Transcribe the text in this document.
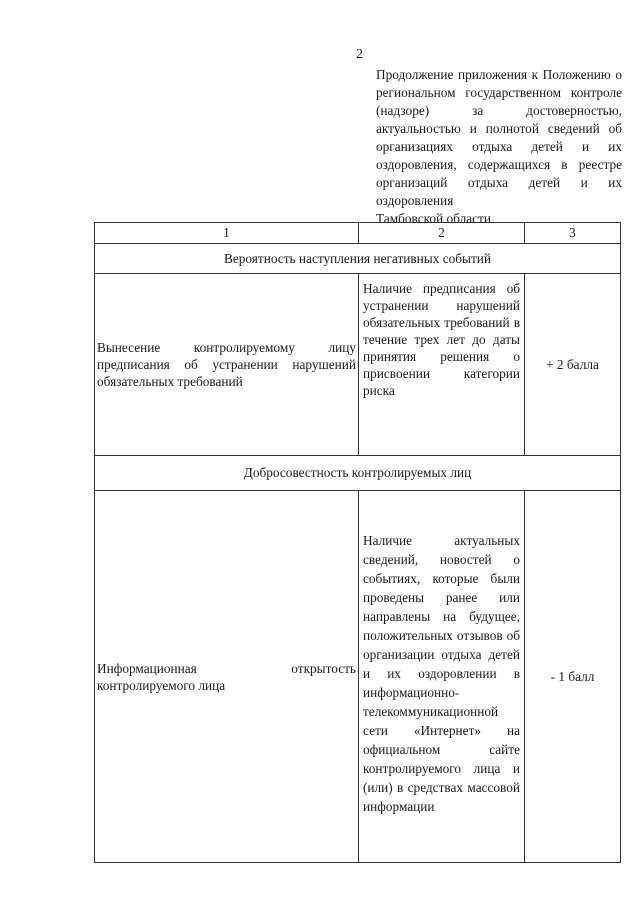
2
Продолжение приложения к Положению о региональном государственном контроле (надзоре) за достоверностью, актуальностью и полнотой сведений об организациях отдыха детей и их оздоровления, содержащихся в реестре организаций отдыха детей и их оздоровления
Тамбовской области
1	2	3
Вероятность наступления негативных событий		
Вынесение контролируемому лицу предписания об устранении нарушений обязательных требований	Наличие предписания об устранении нарушений обязательных требований в течение трех лет до даты принятия решения о присвоении категории риска	+ 2 балла
Добросовестность контролируемых лиц		
Информационная открытость контролируемого лица	Наличие актуальных сведений, новостей о событиях, которые были проведены ранее или направлены на будущее, положительных отзывов об организации отдыха детей и их оздоровлении в информационно-телекоммуникационной сети «Интернет» на официальном сайте контролируемого лица и (или) в средствах массовой информации	- 1 балл
